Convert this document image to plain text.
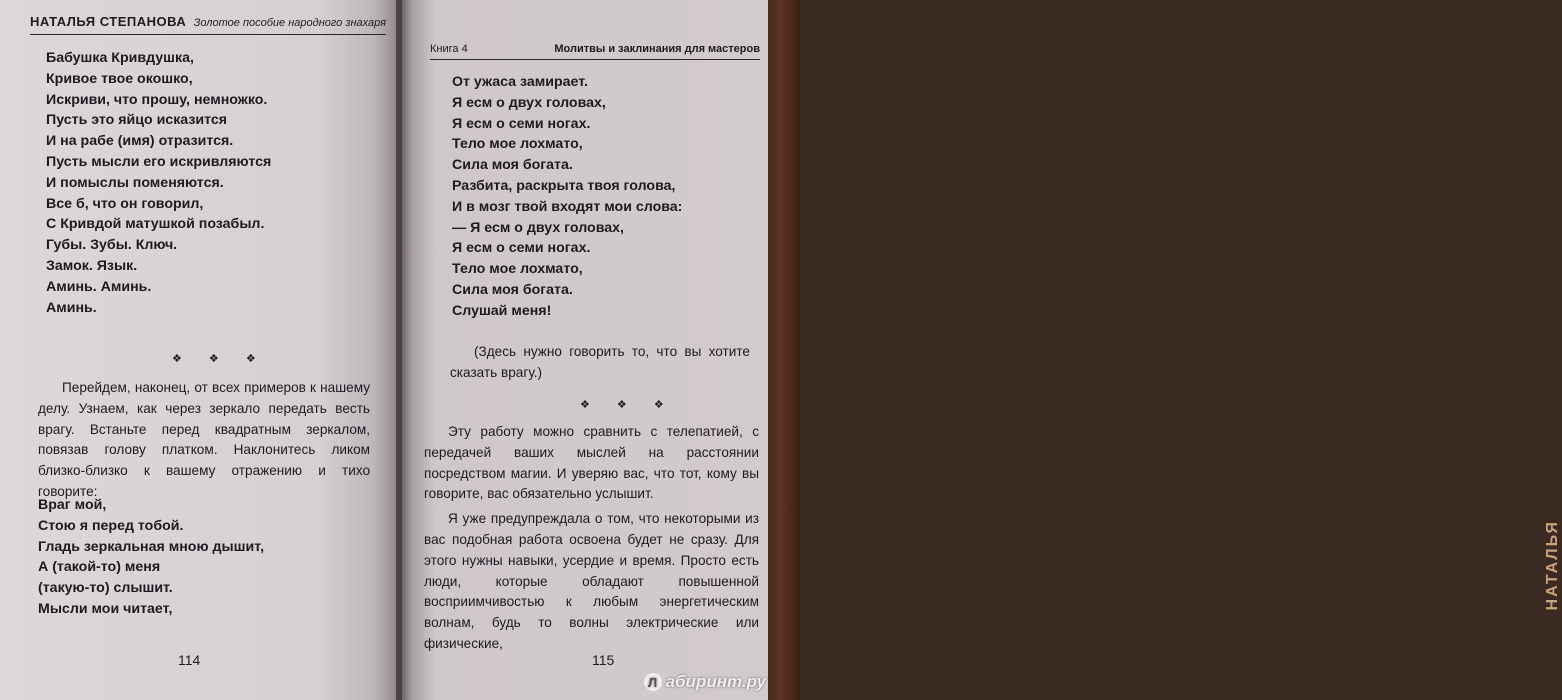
НАТАЛЬЯ СТЕПАНОВА Золотое пособие народного знахаря
Бабушка Кривдушка,
Кривое твое окошко,
Искриви, что прошу, немножко.
Пусть это яйцо исказится
И на рабе (имя) отразится.
Пусть мысли его искривляются
И помыслы поменяются.
Все б, что он говорил,
С Кривдой матушкой позабыл.
Губы. Зубы. Ключ.
Замок. Язык.
Аминь. Аминь.
Аминь.
❖ ❖ ❖

Перейдем, наконец, от всех примеров к нашему делу. Узнаем, как через зеркало передать весть врагу. Встаньте перед квадратным зеркалом, повязав голову платком. Наклонитесь ликом близко-близко к вашему отражению и тихо говорите:

Враг мой,
Стою я перед тобой.
Гладь зеркальная мною дышит,
А (такой-то) меня
(такую-то) слышит.
Мысли мои читает,
114
Книга 4	Молитвы и заклинания для мастеров
От ужаса замирает.
Я есм о двух головах,
Я есм о семи ногах.
Тело мое лохмато,
Сила моя богата.
Разбита, раскрыта твоя голова,
И в мозг твой входят мои слова:
— Я есм о двух головах,
Я есм о семи ногах.
Тело мое лохмато,
Сила моя богата.
Слушай меня!

(Здесь нужно говорить то, что вы хотите сказать врагу.)

❖ ❖ ❖

Эту работу можно сравнить с телепатией, с передачей ваших мыслей на расстоянии посредством магии. И уверяю вас, что тот, кому вы говорите, вас обязательно услышит.

Я уже предупреждала о том, что некоторыми из вас подобная работа освоена будет не сразу. Для этого нужны навыки, усердие и время. Просто есть люди, которые обладают повышенной восприимчивостью к любым энергетическим волнам, будь то волны электрические или физические,

115
НАТАЛЬЯ
Л абиринт.ру
